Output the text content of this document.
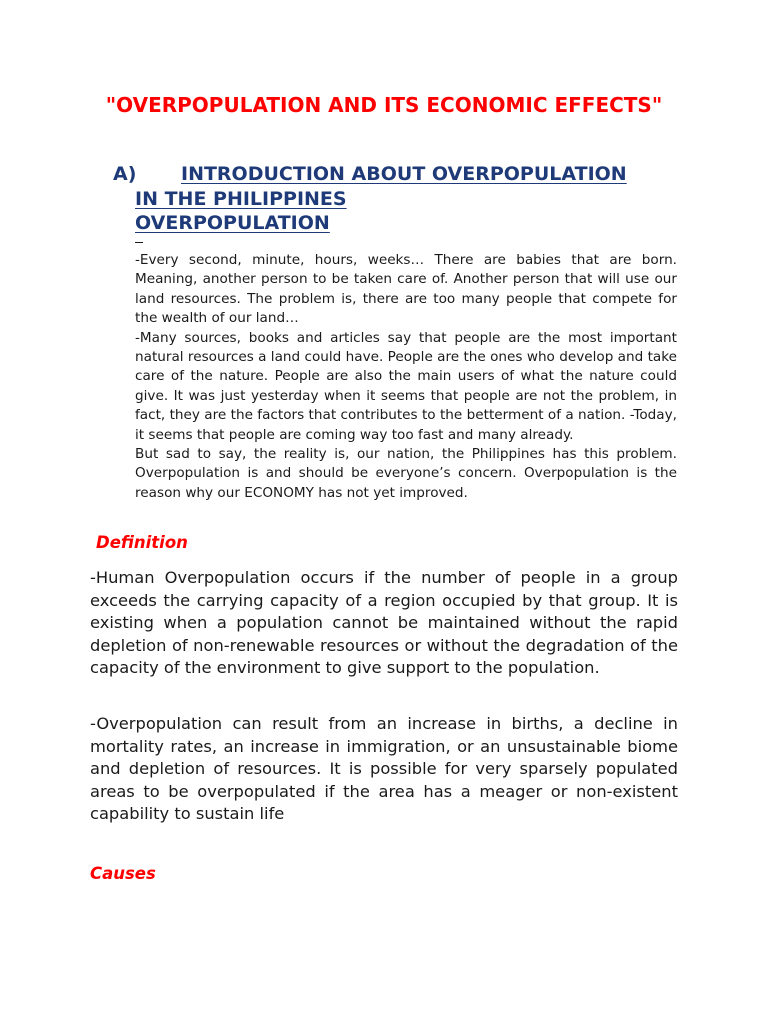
"OVERPOPULATION AND ITS ECONOMIC EFFECTS"
A) INTRODUCTION ABOUT OVERPOPULATION
IN THE PHILIPPINES
OVERPOPULATION

-Every second, minute, hours, weeks… There are babies that are born. Meaning, another person to be taken care of. Another person that will use our land resources. The problem is, there are too many people that compete for the wealth of our land…

-Many sources, books and articles say that people are the most important natural resources a land could have. People are the ones who develop and take care of the nature. People are also the main users of what the nature could give. It was just yesterday when it seems that people are not the problem, in fact, they are the factors that contributes to the betterment of a nation. -Today, it seems that people are coming way too fast and many already.

But sad to say, the reality is, our nation, the Philippines has this problem. Overpopulation is and should be everyone’s concern. Overpopulation is the reason why our ECONOMY has not yet improved.

Definition
-Human Overpopulation occurs if the number of people in a group exceeds the carrying capacity of a region occupied by that group. It is existing when a population cannot be maintained without the rapid depletion of non-renewable resources or without the degradation of the capacity of the environment to give support to the population.
-Overpopulation can result from an increase in births, a decline in mortality rates, an increase in immigration, or an unsustainable biome and depletion of resources. It is possible for very sparsely populated areas to be overpopulated if the area has a meager or non-existent capability to sustain life
Causes
